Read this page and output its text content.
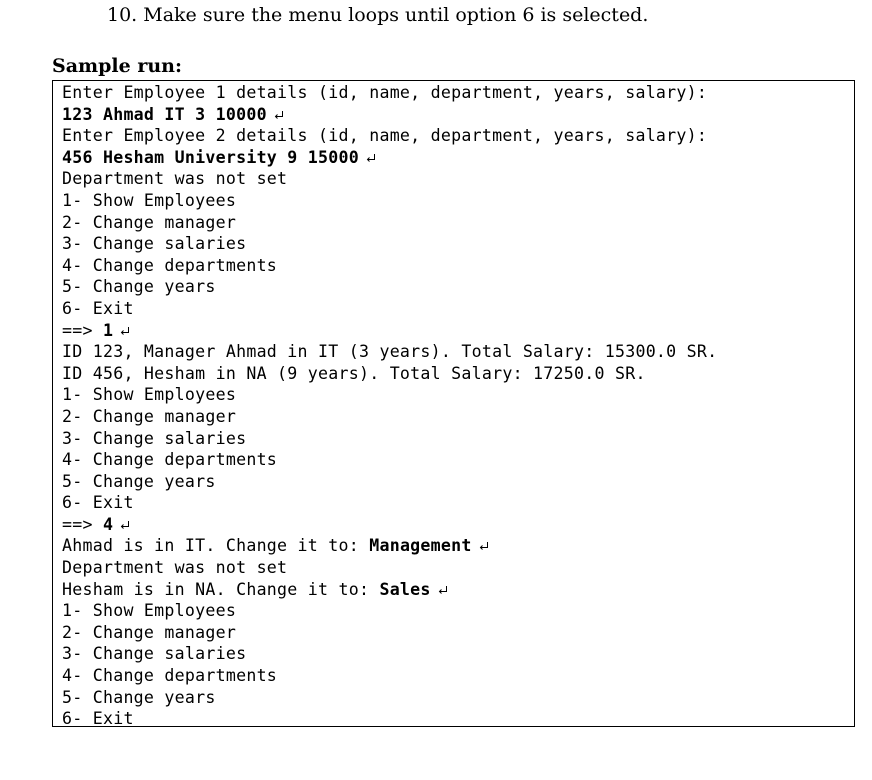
10. Make sure the menu loops until option 6 is selected.
Sample run:
Enter Employee 1 details (id, name, department, years, salary):
123 Ahmad IT 3 10000
Enter Employee 2 details (id, name, department, years, salary):
456 Hesham University 9 15000
Department was not set
1- Show Employees
2- Change manager
3- Change salaries
4- Change departments
5- Change years
6- Exit
==> 1
ID 123, Manager Ahmad in IT (3 years). Total Salary: 15300.0 SR.
ID 456, Hesham in NA (9 years). Total Salary: 17250.0 SR.
1- Show Employees
2- Change manager
3- Change salaries
4- Change departments
5- Change years
6- Exit
==> 4
Ahmad is in IT. Change it to: Management
Department was not set
Hesham is in NA. Change it to: Sales
1- Show Employees
2- Change manager
3- Change salaries
4- Change departments
5- Change years
6- Exit
